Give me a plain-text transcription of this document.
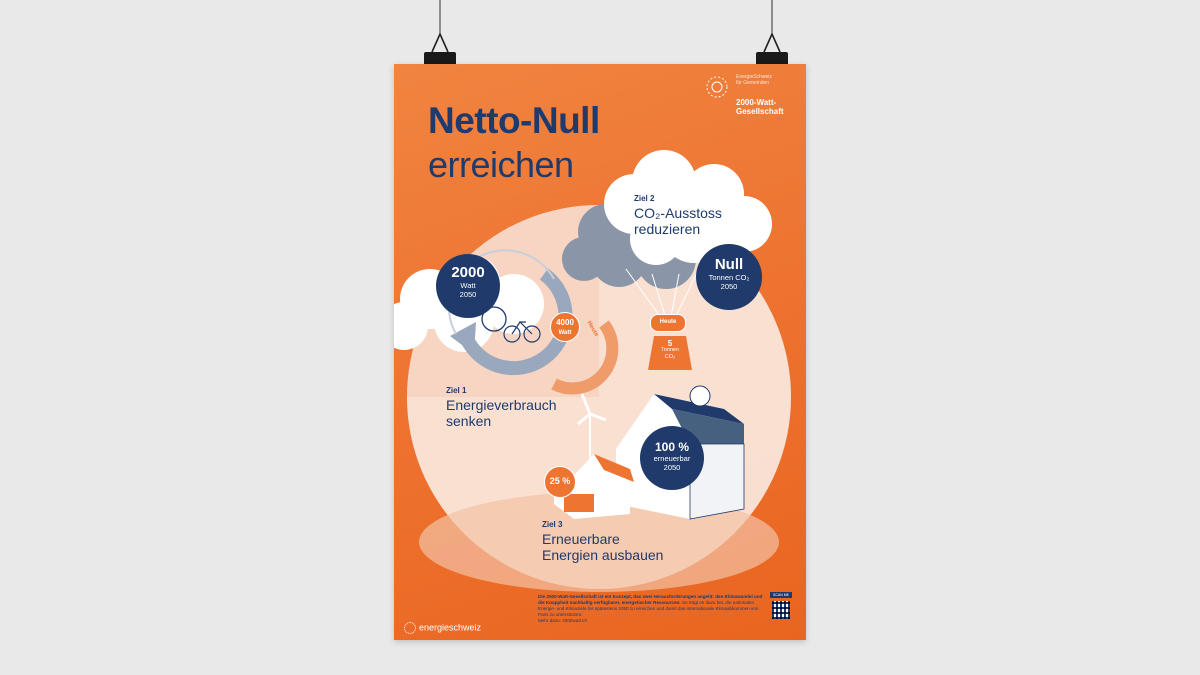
Netto-Null
erreichen
EnergieSchweiz
für Gemeinden
2000-Watt-
Gesellschaft
Ziel 2
CO₂-Ausstoss
reduzieren
Ziel 1
Energieverbrauch
senken
Ziel 3
Erneuerbare
Energien ausbauen
2000
Watt
2050
4000
Watt	Heute
Null
Tonnen CO₂
2050
Heute
5
Tonnen
CO₂
100 %
erneuerbar
2050
25 %
Heute
Die 2000-Watt-Gesellschaft ist ein Konzept, das zwei Herausforderungen angeht: den Klimawandel und die Knappheit nachhaltig verfügbarer, energetischer Ressourcen. So trägt es dazu bei, die nationalen Energie- und Klimaziele bis spätestens 2050 zu erreichen und damit das internationale Klimaabkommen von Paris zu unterstützen.
Mehr dazu: 2000watt.ch
energieschweiz
SCAN ME
